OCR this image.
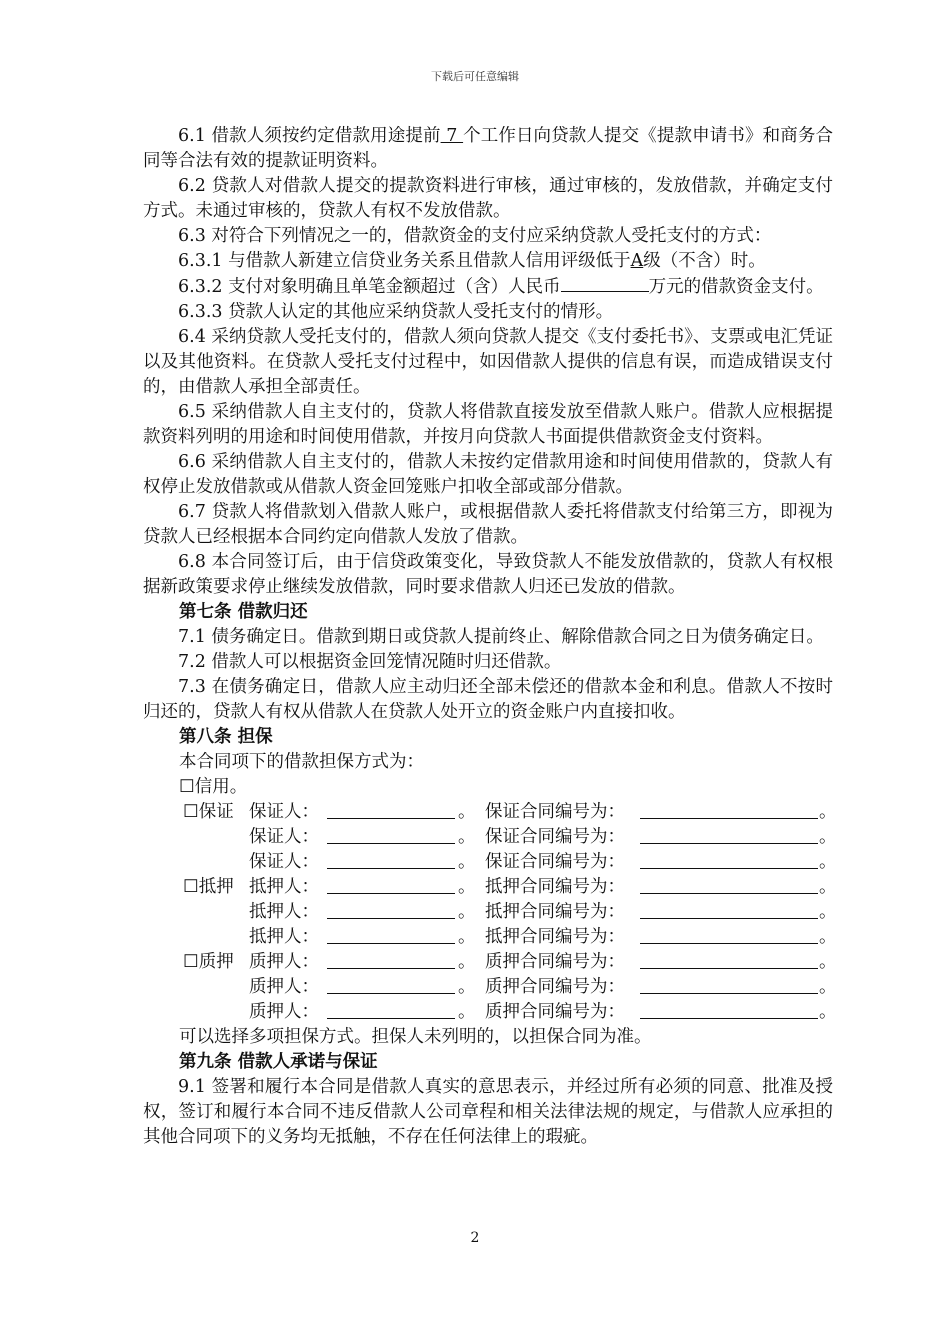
下载后可任意编辑

6.1 借款人须按约定借款用途提前 7 个工作日向贷款人提交《提款申请书》和商务合同等合法有效的提款证明资料。

6.2 贷款人对借款人提交的提款资料进行审核，通过审核的，发放借款，并确定支付方式。未通过审核的，贷款人有权不发放借款。

6.3 对符合下列情况之一的，借款资金的支付应采纳贷款人受托支付的方式：

6.3.1 与借款人新建立信贷业务关系且借款人信用评级低于A级（不含）时。

6.3.2 支付对象明确且单笔金额超过（含）人民币	万元的借款资金支付。

6.3.3 贷款人认定的其他应采纳贷款人受托支付的情形。

6.4 采纳贷款人受托支付的，借款人须向贷款人提交《支付委托书》、支票或电汇凭证以及其他资料。在贷款人受托支付过程中，如因借款人提供的信息有误，而造成错误支付的，由借款人承担全部责任。

6.5 采纳借款人自主支付的，贷款人将借款直接发放至借款人账户。借款人应根据提款资料列明的用途和时间使用借款，并按月向贷款人书面提供借款资金支付资料。

6.6 采纳借款人自主支付的，借款人未按约定借款用途和时间使用借款的，贷款人有权停止发放借款或从借款人资金回笼账户扣收全部或部分借款。

6.7 贷款人将借款划入借款人账户，或根据借款人委托将借款支付给第三方，即视为贷款人已经根据本合同约定向借款人发放了借款。

6.8 本合同签订后，由于信贷政策变化，导致贷款人不能发放借款的，贷款人有权根据新政策要求停止继续发放借款，同时要求借款人归还已发放的借款。

第七条 借款归还

7.1 债务确定日。借款到期日或贷款人提前终止、解除借款合同之日为债务确定日。

7.2 借款人可以根据资金回笼情况随时归还借款。

7.3 在债务确定日，借款人应主动归还全部未偿还的借款本金和利息。借款人不按时归还的，贷款人有权从借款人在贷款人处开立的资金账户内直接扣收。

第八条 担保

本合同项下的借款担保方式为：

☐信用。

☐保证 保证人：	。 保证合同编号为：	。
保证人：	。 保证合同编号为：	。
保证人：	。 保证合同编号为：	。
☐抵押 抵押人：	。 抵押合同编号为：	。
抵押人：	。 抵押合同编号为：	。
抵押人：	。 抵押合同编号为：	。
☐质押 质押人：	。 质押合同编号为：	。
质押人：	。 质押合同编号为：	。
质押人：	。 质押合同编号为：	。

可以选择多项担保方式。担保人未列明的，以担保合同为准。

第九条 借款人承诺与保证

9.1 签署和履行本合同是借款人真实的意思表示，并经过所有必须的同意、批准及授权，签订和履行本合同不违反借款人公司章程和相关法律法规的规定，与借款人应承担的其他合同项下的义务均无抵触，不存在任何法律上的瑕疵。

2
